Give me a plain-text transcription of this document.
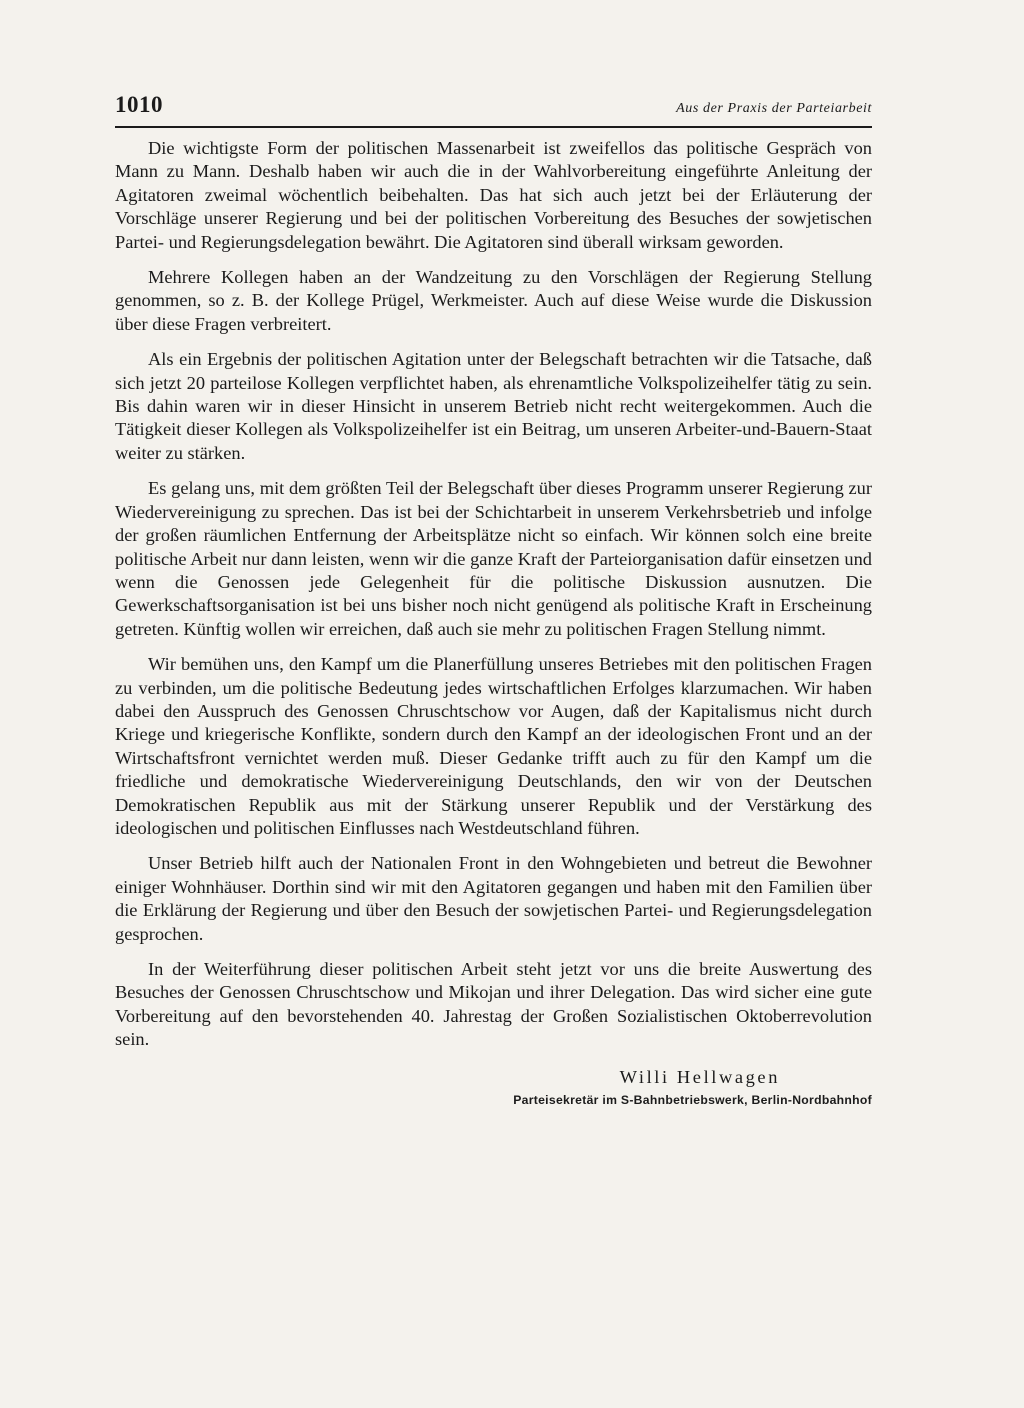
1010	Aus der Praxis der Parteiarbeit

Die wichtigste Form der politischen Massenarbeit ist zweifellos das politische Gespräch von Mann zu Mann. Deshalb haben wir auch die in der Wahlvorbereitung eingeführte Anleitung der Agitatoren zweimal wöchentlich beibehalten. Das hat sich auch jetzt bei der Erläuterung der Vorschläge unserer Regierung und bei der politischen Vorbereitung des Besuches der sowjetischen Partei- und Regierungsdelegation bewährt. Die Agitatoren sind überall wirksam geworden.

Mehrere Kollegen haben an der Wandzeitung zu den Vorschlägen der Regierung Stellung genommen, so z. B. der Kollege Prügel, Werkmeister. Auch auf diese Weise wurde die Diskussion über diese Fragen verbreitert.

Als ein Ergebnis der politischen Agitation unter der Belegschaft betrachten wir die Tatsache, daß sich jetzt 20 parteilose Kollegen verpflichtet haben, als ehrenamtliche Volkspolizeihelfer tätig zu sein. Bis dahin waren wir in dieser Hinsicht in unserem Betrieb nicht recht weitergekommen. Auch die Tätigkeit dieser Kollegen als Volkspolizeihelfer ist ein Beitrag, um unseren Arbeiter-und-Bauern-Staat weiter zu stärken.

Es gelang uns, mit dem größten Teil der Belegschaft über dieses Programm unserer Regierung zur Wiedervereinigung zu sprechen. Das ist bei der Schichtarbeit in unserem Verkehrsbetrieb und infolge der großen räumlichen Entfernung der Arbeitsplätze nicht so einfach. Wir können solch eine breite politische Arbeit nur dann leisten, wenn wir die ganze Kraft der Parteiorganisation dafür einsetzen und wenn die Genossen jede Gelegenheit für die politische Diskussion ausnutzen. Die Gewerkschaftsorganisation ist bei uns bisher noch nicht genügend als politische Kraft in Erscheinung getreten. Künftig wollen wir erreichen, daß auch sie mehr zu politischen Fragen Stellung nimmt.

Wir bemühen uns, den Kampf um die Planerfüllung unseres Betriebes mit den politischen Fragen zu verbinden, um die politische Bedeutung jedes wirtschaftlichen Erfolges klarzumachen. Wir haben dabei den Ausspruch des Genossen Chruschtschow vor Augen, daß der Kapitalismus nicht durch Kriege und kriegerische Konflikte, sondern durch den Kampf an der ideologischen Front und an der Wirtschaftsfront vernichtet werden muß. Dieser Gedanke trifft auch zu für den Kampf um die friedliche und demokratische Wiedervereinigung Deutschlands, den wir von der Deutschen Demokratischen Republik aus mit der Stärkung unserer Republik und der Verstärkung des ideologischen und politischen Einflusses nach Westdeutschland führen.

Unser Betrieb hilft auch der Nationalen Front in den Wohngebieten und betreut die Bewohner einiger Wohnhäuser. Dorthin sind wir mit den Agitatoren gegangen und haben mit den Familien über die Erklärung der Regierung und über den Besuch der sowjetischen Partei- und Regierungsdelegation gesprochen.

In der Weiterführung dieser politischen Arbeit steht jetzt vor uns die breite Auswertung des Besuches der Genossen Chruschtschow und Mikojan und ihrer Delegation. Das wird sicher eine gute Vorbereitung auf den bevorstehenden 40. Jahrestag der Großen Sozialistischen Oktoberrevolution sein.

Willi Hellwagen
Parteisekretär im S-Bahnbetriebswerk, Berlin-Nordbahnhof
